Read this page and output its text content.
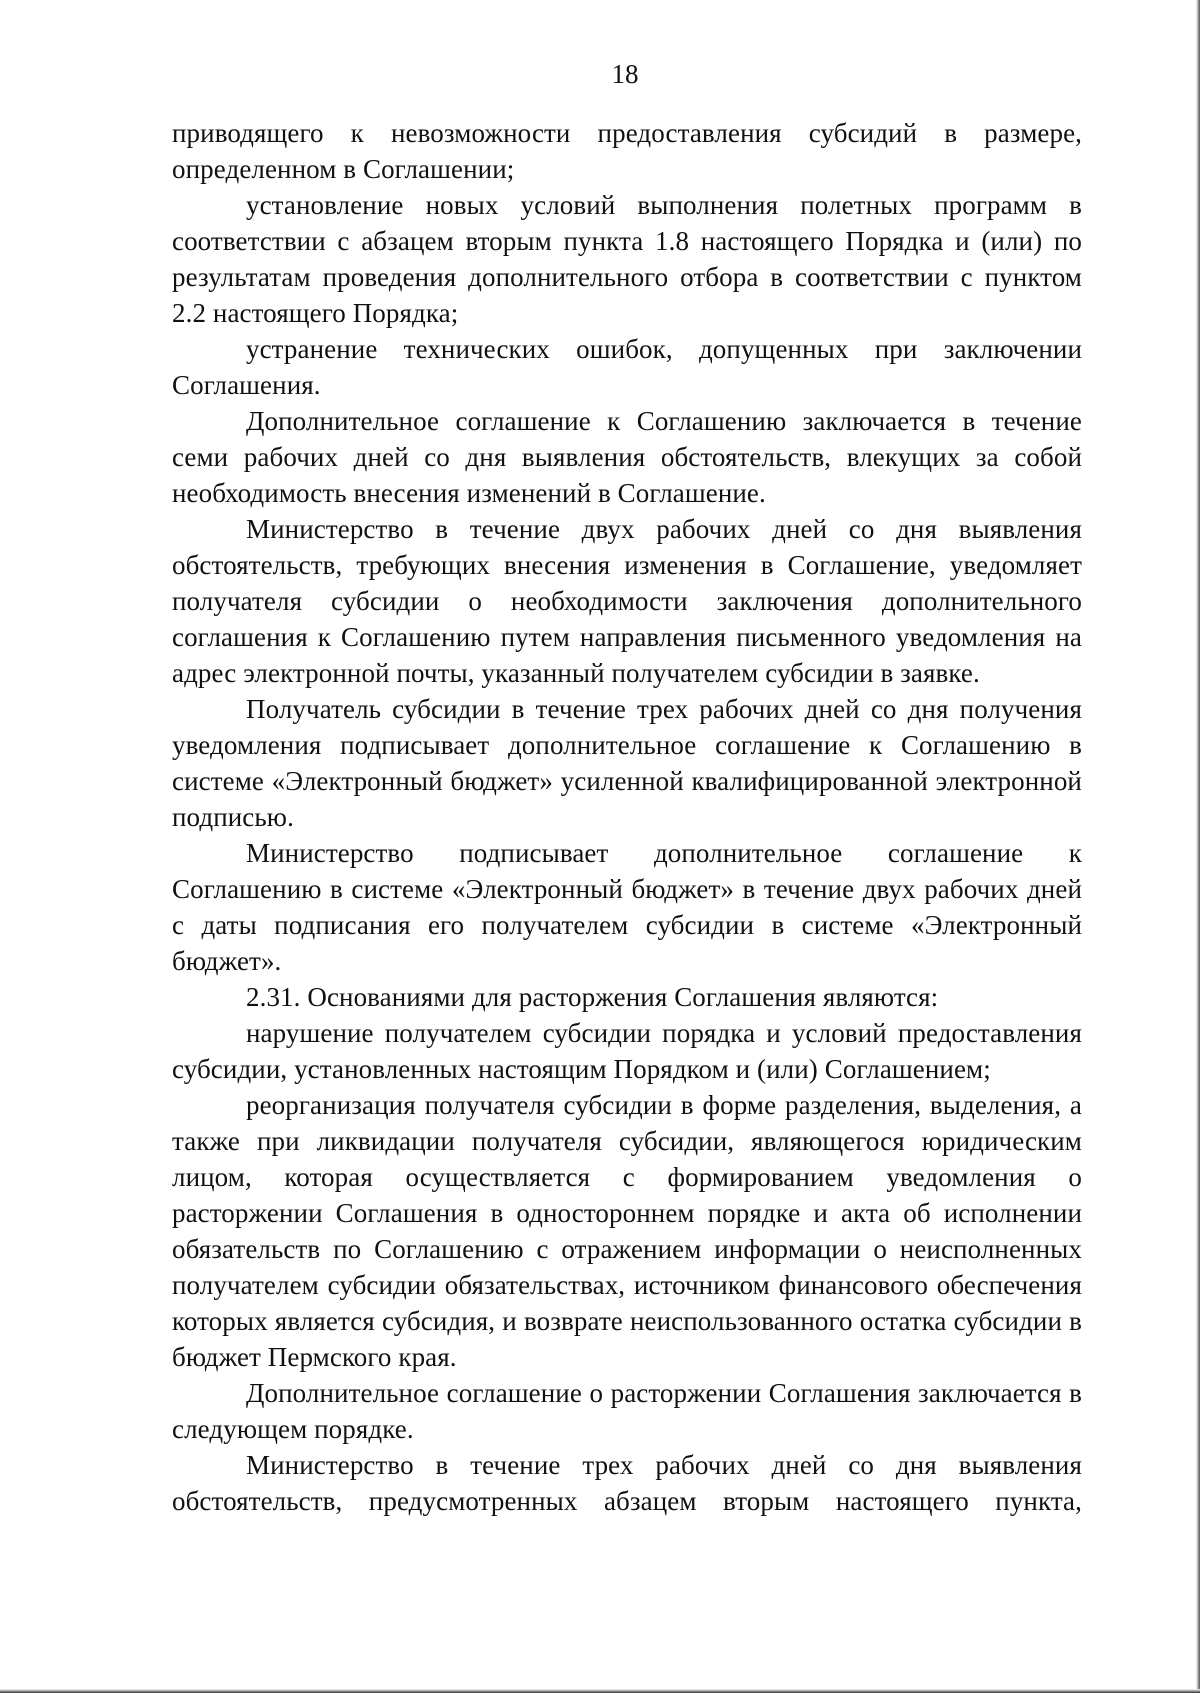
18

приводящего к невозможности предоставления субсидий в размере, определенном в Соглашении;

установление новых условий выполнения полетных программ в соответствии с абзацем вторым пункта 1.8 настоящего Порядка и (или) по результатам проведения дополнительного отбора в соответствии с пунктом 2.2 настоящего Порядка;

устранение технических ошибок, допущенных при заключении Соглашения.

Дополнительное соглашение к Соглашению заключается в течение семи рабочих дней со дня выявления обстоятельств, влекущих за собой необходимость внесения изменений в Соглашение.

Министерство в течение двух рабочих дней со дня выявления обстоятельств, требующих внесения изменения в Соглашение, уведомляет получателя субсидии о необходимости заключения дополнительного соглашения к Соглашению путем направления письменного уведомления на адрес электронной почты, указанный получателем субсидии в заявке.

Получатель субсидии в течение трех рабочих дней со дня получения уведомления подписывает дополнительное соглашение к Соглашению в системе «Электронный бюджет» усиленной квалифицированной электронной подписью.

Министерство подписывает дополнительное соглашение к Соглашению в системе «Электронный бюджет» в течение двух рабочих дней с даты подписания его получателем субсидии в системе «Электронный бюджет».

2.31. Основаниями для расторжения Соглашения являются:

нарушение получателем субсидии порядка и условий предоставления субсидии, установленных настоящим Порядком и (или) Соглашением;

реорганизация получателя субсидии в форме разделения, выделения, а также при ликвидации получателя субсидии, являющегося юридическим лицом, которая осуществляется с формированием уведомления о расторжении Соглашения в одностороннем порядке и акта об исполнении обязательств по Соглашению с отражением информации о неисполненных получателем субсидии обязательствах, источником финансового обеспечения которых является субсидия, и возврате неиспользованного остатка субсидии в бюджет Пермского края.

Дополнительное соглашение о расторжении Соглашения заключается в следующем порядке.

Министерство в течение трех рабочих дней со дня выявления обстоятельств, предусмотренных абзацем вторым настоящего пункта,
